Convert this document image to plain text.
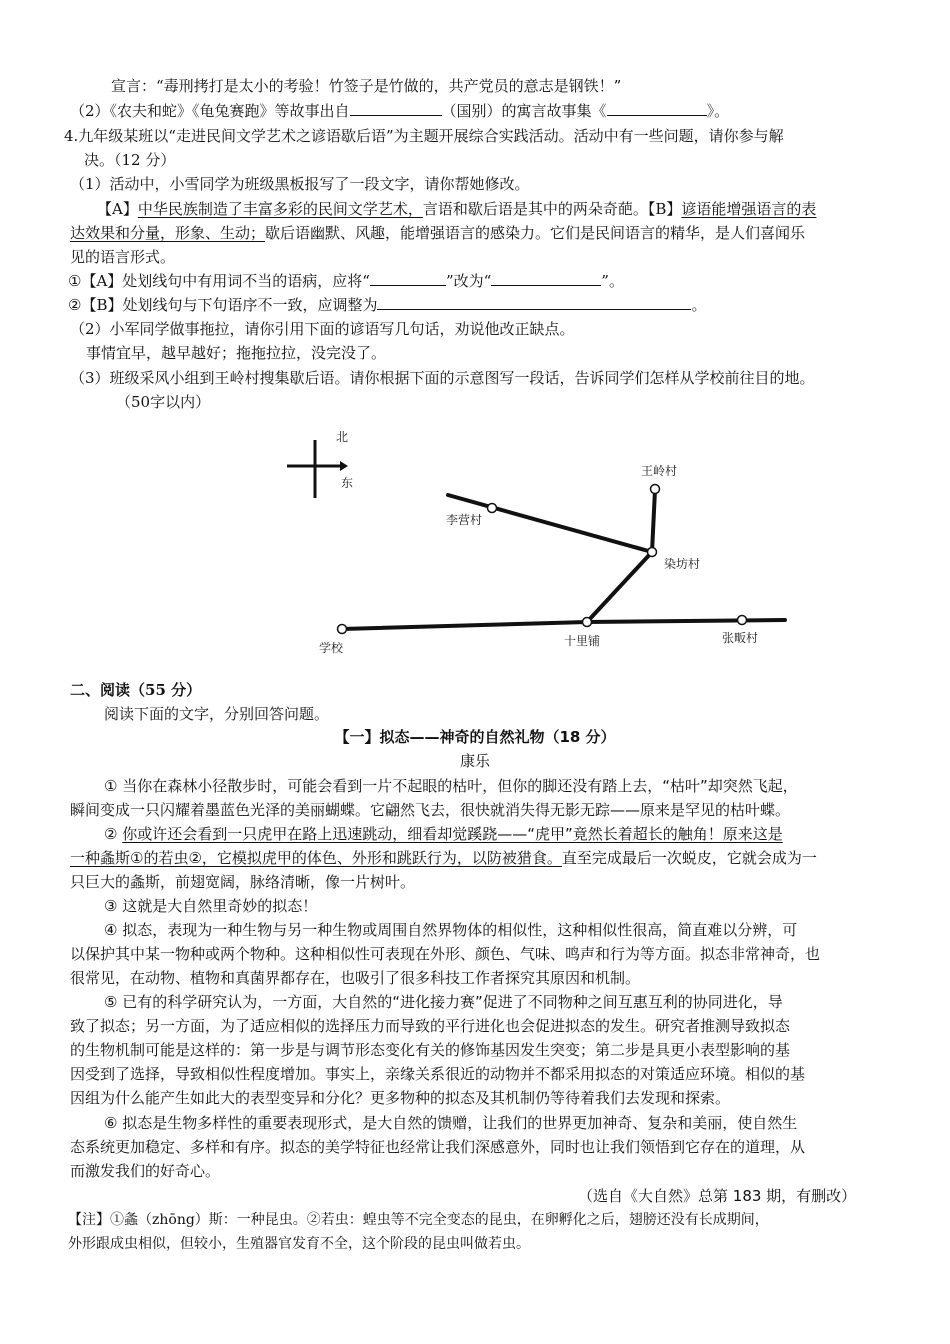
宣言：“毒刑拷打是太小的考验！竹签子是竹做的，共产党员的意志是钢铁！”
（2）《农夫和蛇》《龟兔赛跑》等故事出自	（国别）的寓言故事集《	》。
4.九年级某班以“走进民间文学艺术之谚语歇后语”为主题开展综合实践活动。活动中有一些问题，请你参与解
决。（12 分）
（1）活动中，小雪同学为班级黑板报写了一段文字，请你帮她修改。
【A】中华民族制造了丰富多彩的民间文学艺术，言语和歇后语是其中的两朵奇葩。【B】谚语能增强语言的表
达效果和分量，形象、生动；歇后语幽默、风趣，能增强语言的感染力。它们是民间语言的精华，是人们喜闻乐
见的语言形式。
①【A】处划线句中有用词不当的语病，应将“	”改为“	”。
②【B】处划线句与下句语序不一致，应调整为	。
（2）小军同学做事拖拉，请你引用下面的谚语写几句话，劝说他改正缺点。
事情宜早，越早越好；拖拖拉拉，没完没了。
（3）班级采风小组到王岭村搜集歇后语。请你根据下面的示意图写一段话，告诉同学们怎样从学校前往目的地。
（50字以内）
北
东
王岭村
李营村
染坊村
学校	十里铺	张畈村
二、阅读（55 分）
阅读下面的文字，分别回答问题。
【一】拟态——神奇的自然礼物（18 分）
康乐
① 当你在森林小径散步时，可能会看到一片不起眼的枯叶，但你的脚还没有踏上去，“枯叶”却突然飞起，
瞬间变成一只闪耀着墨蓝色光泽的美丽蝴蝶。它翩然飞去，很快就消失得无影无踪——原来是罕见的枯叶蝶。
② 你或许还会看到一只虎甲在路上迅速跳动，细看却觉蹊跷——“虎甲”竟然长着超长的触角！原来这是
一种螽斯①的若虫②，它模拟虎甲的体色、外形和跳跃行为，以防被猎食。直至完成最后一次蜕皮，它就会成为一
只巨大的螽斯，前翅宽阔，脉络清晰，像一片树叶。
③ 这就是大自然里奇妙的拟态！
④ 拟态，表现为一种生物与另一种生物或周围自然界物体的相似性，这种相似性很高，简直难以分辨，可
以保护其中某一物种或两个物种。这种相似性可表现在外形、颜色、气味、鸣声和行为等方面。拟态非常神奇，也
很常见，在动物、植物和真菌界都存在，也吸引了很多科技工作者探究其原因和机制。
⑤ 已有的科学研究认为，一方面，大自然的“进化接力赛”促进了不同物种之间互惠互利的协同进化，导
致了拟态；另一方面，为了适应相似的选择压力而导致的平行进化也会促进拟态的发生。研究者推测导致拟态
的生物机制可能是这样的：第一步是与调节形态变化有关的修饰基因发生突变；第二步是具更小表型影响的基
因受到了选择，导致相似性程度增加。事实上，亲缘关系很近的动物并不都采用拟态的对策适应环境。相似的基
因组为什么能产生如此大的表型变异和分化？更多物种的拟态及其机制仍等待着我们去发现和探索。
⑥ 拟态是生物多样性的重要表现形式，是大自然的馈赠，让我们的世界更加神奇、复杂和美丽，使自然生
态系统更加稳定、多样和有序。拟态的美学特征也经常让我们深感意外，同时也让我们领悟到它存在的道理，从
而激发我们的好奇心。
（选自《大自然》总第 183 期，有删改）
【注】①螽（zhōng）斯：一种昆虫。②若虫：蝗虫等不完全变态的昆虫，在卵孵化之后，翅膀还没有长成期间，
外形跟成虫相似，但较小，生殖器官发育不全，这个阶段的昆虫叫做若虫。
